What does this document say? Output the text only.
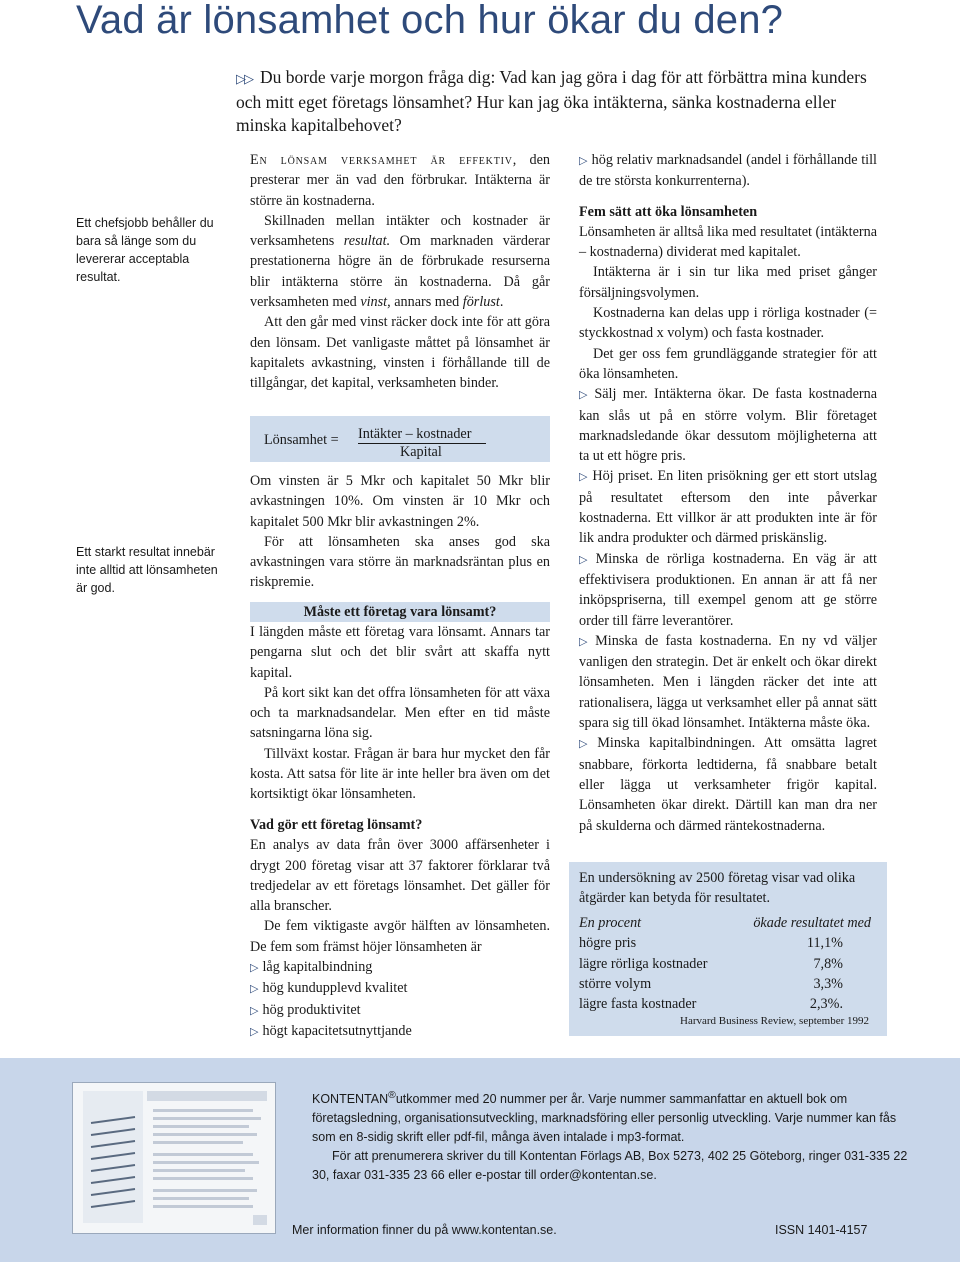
Vad är lönsamhet och hur ökar du den?
▷▷ Du borde varje morgon fråga dig: Vad kan jag göra i dag för att förbättra mina kunders och mitt eget företags lönsamhet? Hur kan jag öka intäkterna, sänka kostnaderna eller minska kapitalbehovet?
Ett chefsjobb behåller du bara så länge som du levererar acceptabla resultat.
Ett starkt resultat innebär inte alltid att lönsamheten är god.

En lönsam verksamhet är effektiv, den presterar mer än vad den förbrukar. Intäkterna är större än kostnaderna.

Skillnaden mellan intäkter och kostnader är verksamhetens resultat. Om marknaden värderar prestationerna högre än de förbrukade resurserna blir intäkterna större än kostnaderna. Då går verksamheten med vinst, annars med förlust.

Att den går med vinst räcker dock inte för att göra den lönsam. Det vanligaste måttet på lönsamhet är kapitalets avkastning, vinsten i förhållande till de tillgångar, det kapital, verksamheten binder.

Lönsamhet = Intäkter – kostnader
Kapital

Om vinsten är 5 Mkr och kapitalet 50 Mkr blir avkastningen 10%. Om vinsten är 10 Mkr och kapitalet 500 Mkr blir avkastningen 2%.

För att lönsamheten ska anses god ska avkastningen vara större än marknadsräntan plus en riskpremie.

Måste ett företag vara lönsamt?

I längden måste ett företag vara lönsamt. Annars tar pengarna slut och det blir svårt att skaffa nytt kapital.

På kort sikt kan det offra lönsamheten för att växa och ta marknadsandelar. Men efter en tid måste satsningarna löna sig.

Tillväxt kostar. Frågan är bara hur mycket den får kosta. Att satsa för lite är inte heller bra även om det kortsiktigt ökar lönsamheten.

Vad gör ett företag lönsamt?

En analys av data från över 3000 affärsenheter i drygt 200 företag visar att 37 faktorer förklarar två tredjedelar av ett företags lönsamhet. Det gäller för alla branscher.

De fem viktigaste avgör hälften av lönsamheten. De fem som främst höjer lönsamheten är

▷ låg kapitalbindning
▷ hög kundupplevd kvalitet
▷ hög produktivitet
▷ högt kapacitetsutnyttjande

▷ hög relativ marknadsandel (andel i förhållande till de tre största konkurrenterna).

Fem sätt att öka lönsamheten

Lönsamheten är alltså lika med resultatet (intäkterna – kostnaderna) dividerat med kapitalet.

Intäkterna är i sin tur lika med priset gånger försäljningsvolymen.

Kostnaderna kan delas upp i rörliga kostnader (= styckkostnad x volym) och fasta kostnader.

Det ger oss fem grundläggande strategier för att öka lönsamheten.

▷ Sälj mer. Intäkterna ökar. De fasta kostnaderna kan slås ut på en större volym. Blir företaget marknadsledande ökar dessutom möjligheterna att ta ut ett högre pris.

▷ Höj priset. En liten prisökning ger ett stort utslag på resultatet eftersom den inte påverkar kostnaderna. Ett villkor är att produkten inte är för lik andra produkter och därmed priskänslig.

▷ Minska de rörliga kostnaderna. En väg är att effektivisera produktionen. En annan är att få ner inköpspriserna, till exempel genom att ge större order till färre leverantörer.

▷ Minska de fasta kostnaderna. En ny vd väljer vanligen den strategin. Det är enkelt och ökar direkt lönsamheten. Men i längden räcker det inte att rationalisera, lägga ut verksamhet eller på annat sätt spara sig till ökad lönsamhet. Intäkterna måste öka.

▷ Minska kapitalbindningen. Att omsätta lagret snabbare, förkorta ledtiderna, få snabbare betalt eller lägga ut verksamheter frigör kapital. Lönsamheten ökar direkt. Därtill kan man dra ner på skulderna och därmed räntekostnaderna.

En undersökning av 2500 företag visar vad olika åtgärder kan betyda för resultatet.
En procent	ökade resultatet med
högre pris	11,1%
lägre rörliga kostnader	7,8%
större volym	3,3%
lägre fasta kostnader	2,3%.
Harvard Business Review, september 1992

KONTENTAN®utkommer med 20 nummer per år. Varje nummer sammanfattar en aktuell bok om företagsledning, organisationsutveckling, marknadsföring eller personlig utveckling. Varje nummer kan fås som en 8-sidig skrift eller pdf-fil, många även intalade i mp3-format.

För att prenumerera skriver du till Kontentan Förlags AB, Box 5273, 402 25 Göteborg, ringer 031-335 22 30, faxar 031-335 23 66 eller e-postar till order@kontentan.se.

Mer information finner du på www.kontentan.se.	ISSN 1401-4157
